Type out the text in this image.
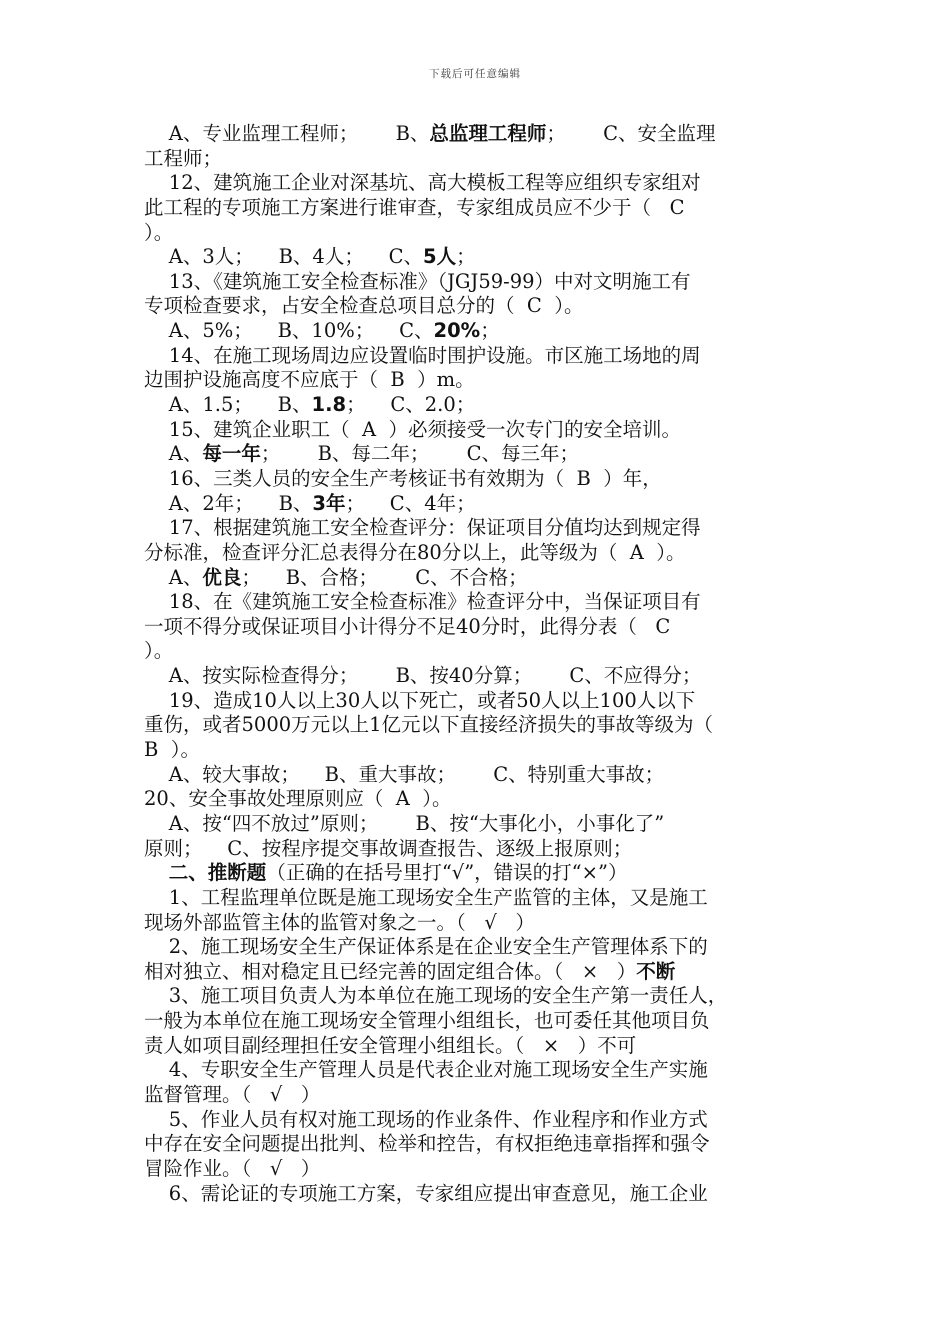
下载后可任意编辑
A、专业监理工程师；      B、总监理工程师；      C、安全监理
工程师；
12、建筑施工企业对深基坑、高大模板工程等应组织专家组对
此工程的专项施工方案进行谁审查，专家组成员应不少于（   C
）。
A、3人；    B、4人；    C、5人；
13、《建筑施工安全检查标准》（JGJ59-99）中对文明施工有
专项检查要求，占安全检查总项目总分的（  C  ）。
A、5%；    B、10%；    C、20%；
14、在施工现场周边应设置临时围护设施。市区施工场地的周
边围护设施高度不应底于（  B  ）m。
A、1.5；    B、1.8；    C、2.0；
15、建筑企业职工（  A  ）必须接受一次专门的安全培训。
A、每一年；      B、每二年；      C、每三年；
16、三类人员的安全生产考核证书有效期为（  B  ）年，
A、2年；    B、3年；    C、4年；
17、根据建筑施工安全检查评分：保证项目分值均达到规定得
分标准，检查评分汇总表得分在80分以上，此等级为（  A  ）。
A、优良；    B、合格；      C、不合格；
18、在《建筑施工安全检查标准》检查评分中，当保证项目有
一项不得分或保证项目小计得分不足40分时，此得分表（   C
）。
A、按实际检查得分；      B、按40分算；      C、不应得分；
19、造成10人以上30人以下死亡，或者50人以上100人以下
重伤，或者5000万元以上1亿元以下直接经济损失的事故等级为（
B  ）。
A、较大事故；    B、重大事故；      C、特别重大事故；
20、安全事故处理原则应（  A  ）。
A、按“四不放过”原则；      B、按“大事化小，小事化了”
原则；    C、按程序提交事故调查报告、逐级上报原则；
二、推断题（正确的在括号里打“√”，错误的打“×”）
1、工程监理单位既是施工现场安全生产监管的主体，又是施工
现场外部监管主体的监管对象之一。（   √   ）
2、施工现场安全生产保证体系是在企业安全生产管理体系下的
相对独立、相对稳定且已经完善的固定组合体。（   ×   ）不断
3、施工项目负责人为本单位在施工现场的安全生产第一责任人，
一般为本单位在施工现场安全管理小组组长，也可委任其他项目负
责人如项目副经理担任安全管理小组组长。（   ×   ）不可
4、专职安全生产管理人员是代表企业对施工现场安全生产实施
监督管理。（   √   ）
5、作业人员有权对施工现场的作业条件、作业程序和作业方式
中存在安全问题提出批判、检举和控告，有权拒绝违章指挥和强令
冒险作业。（   √   ）
6、需论证的专项施工方案，专家组应提出审查意见，施工企业
